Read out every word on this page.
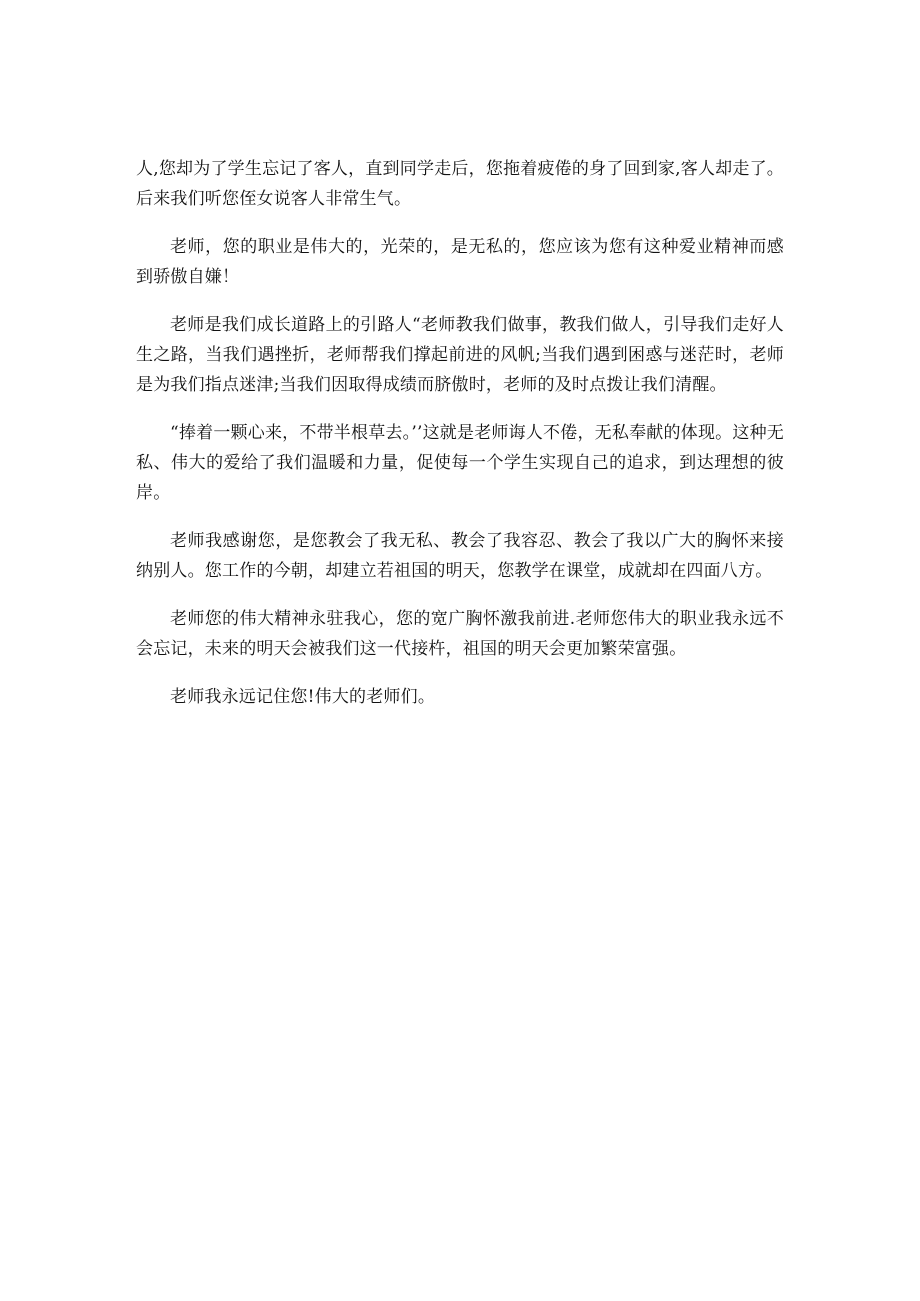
人,您却为了学生忘记了客人，直到同学走后，您拖着疲倦的身了回到家,客人却走了。后来我们听您侄女说客人非常生气。

老师，您的职业是伟大的，光荣的，是无私的，您应该为您有这种爱业精神而感到骄傲自嫌！

老师是我们成长道路上的引路人“老师教我们做事，教我们做人，引导我们走好人生之路，当我们遇挫折，老师帮我们撑起前进的风帆;当我们遇到困惑与迷茫时，老师是为我们指点迷津;当我们因取得成绩而脐傲时，老师的及时点拨让我们清醒。

“捧着一颗心来，不带半根草去。’’这就是老师诲人不倦，无私奉献的体现。这种无私、伟大的爱给了我们温暖和力量，促使每一个学生实现自己的追求，到达理想的彼岸。

老师我感谢您，是您教会了我无私、教会了我容忍、教会了我以广大的胸怀来接纳别人。您工作的今朝，却建立若祖国的明天，您教学在课堂，成就却在四面八方。

老师您的伟大精神永驻我心，您的宽广胸怀激我前进.老师您伟大的职业我永远不会忘记，未来的明天会被我们这一代接杵，祖国的明天会更加繁荣富强。

老师我永远记住您!伟大的老师们。
